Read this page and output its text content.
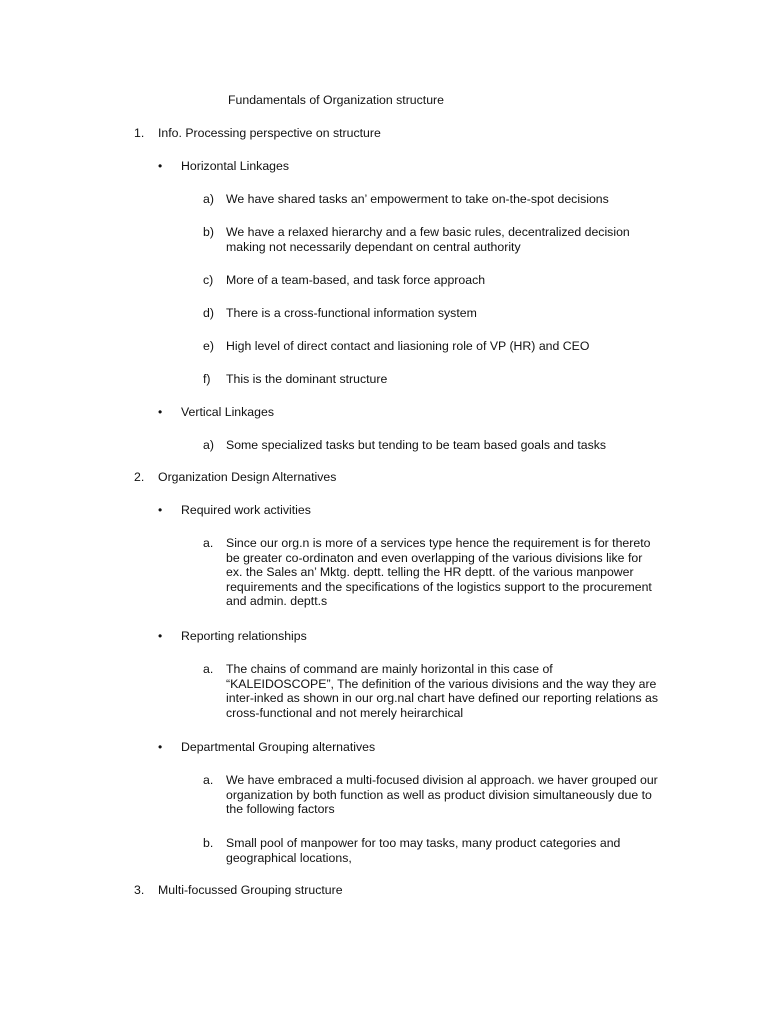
Fundamentals of Organization structure

1.	Info. Processing perspective on structure
•	Horizontal Linkages
a) We have shared tasks an’ empowerment to take on-the-spot decisions
b) We have a relaxed hierarchy and a few basic rules, decentralized decision making not necessarily dependant on central authority
c)	More of a team-based, and task force approach
d) There is a cross-functional information system
e) High level of direct contact and liasioning role of VP (HR) and CEO
f)	This is the dominant structure
•	Vertical Linkages
a) Some specialized tasks but tending to be team based goals and tasks
2.	Organization Design Alternatives
•	Required work activities
a.	Since our org.n is more of a services type hence the requirement is for thereto be greater co-ordinaton and even overlapping of the various divisions like for ex. the Sales an’ Mktg. deptt. telling the HR deptt. of the various manpower requirements and the specifications of the logistics support to the procurement and admin. deptt.s
•	Reporting relationships
a.	The chains of command are mainly horizontal in this case of “KALEIDOSCOPE”, The definition of the various divisions and the way they are inter-inked as shown in our org.nal chart have defined our reporting relations as cross-functional and not merely heirarchical
•	Departmental Grouping alternatives
a.	We have embraced a multi-focused division al approach. we haver grouped our organization by both function as well as product division simultaneously due to the following factors
b.	Small pool of manpower for too may tasks, many product categories and geographical locations,
3.	Multi-focussed Grouping structure
